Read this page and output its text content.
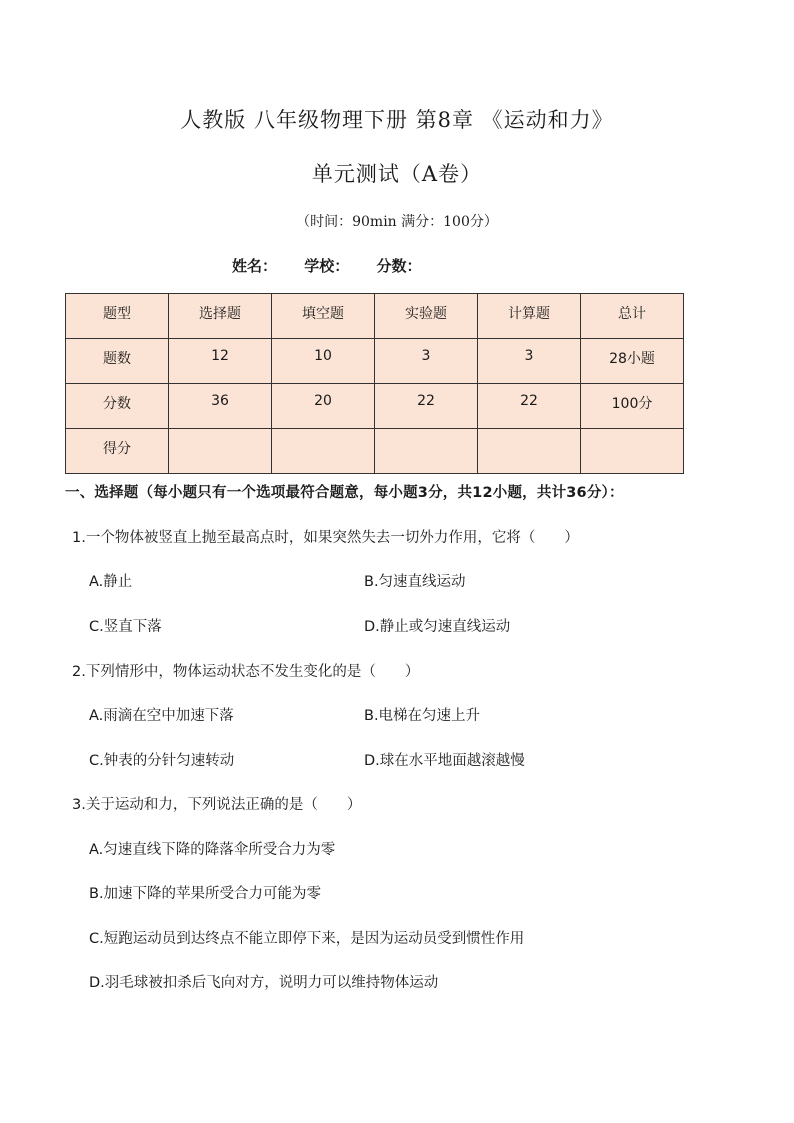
人教版 八年级物理下册 第8章 《运动和力》
单元测试（A卷）
（时间：90min 满分：100分）
姓名： 学校： 分数：
题型	选择题	填空题	实验题	计算题	总计
题数	12	10	3	3	28小题
分数	36	20	22	22	100分
得分					
一、选择题（每小题只有一个选项最符合题意，每小题3分，共12小题，共计36分）：
1.一个物体被竖直上抛至最高点时，如果突然失去一切外力作用，它将（　　）
A.静止	B.匀速直线运动
C.竖直下落	D.静止或匀速直线运动
2.下列情形中，物体运动状态不发生变化的是（　　）
A.雨滴在空中加速下落	B.电梯在匀速上升
C.钟表的分针匀速转动	D.球在水平地面越滚越慢
3.关于运动和力，下列说法正确的是（　　）
A.匀速直线下降的降落伞所受合力为零
B.加速下降的苹果所受合力可能为零
C.短跑运动员到达终点不能立即停下来，是因为运动员受到惯性作用
D.羽毛球被扣杀后飞向对方，说明力可以维持物体运动
